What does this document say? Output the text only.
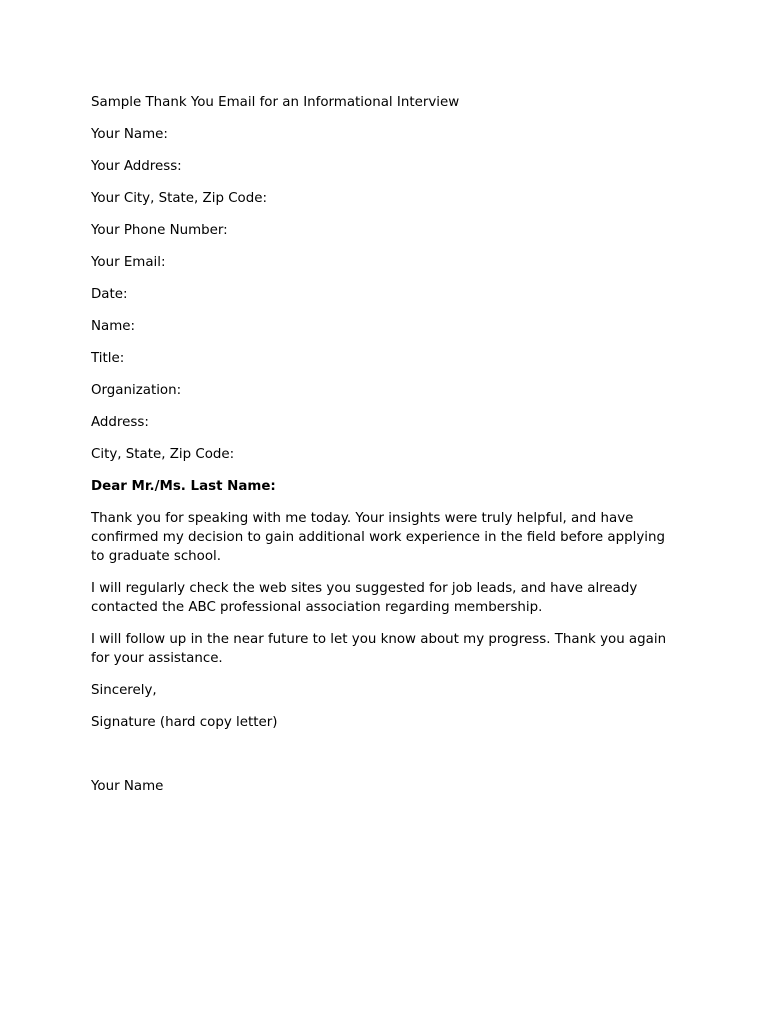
Sample Thank You Email for an Informational Interview
Your Name:
Your Address:
Your City, State, Zip Code:
Your Phone Number:
Your Email:
Date:
Name:
Title:
Organization:
Address:
City, State, Zip Code:
Dear Mr./Ms. Last Name:
Thank you for speaking with me today. Your insights were truly helpful, and have confirmed my decision to gain additional work experience in the field before applying to graduate school.
I will regularly check the web sites you suggested for job leads, and have already contacted the ABC professional association regarding membership.
I will follow up in the near future to let you know about my progress. Thank you again for your assistance.
Sincerely,
Signature (hard copy letter)
Your Name
